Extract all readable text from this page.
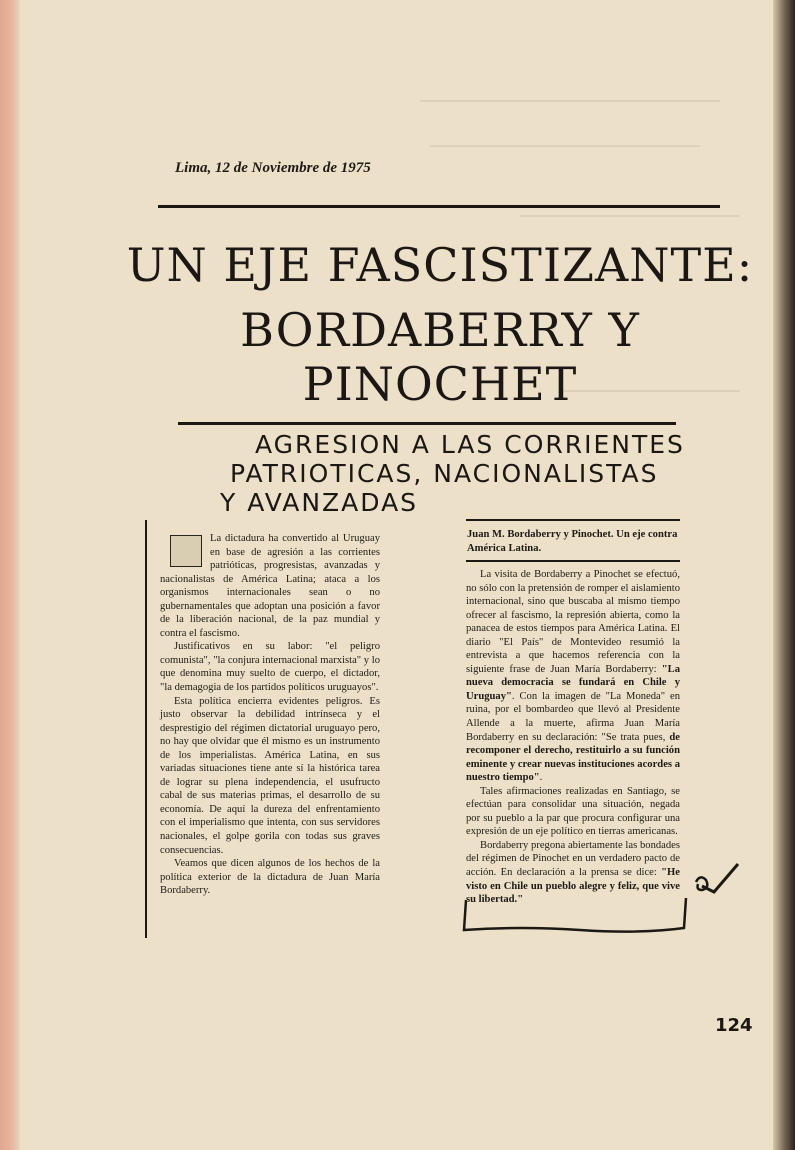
Lima, 12 de Noviembre de 1975
UN EJE FASCISTIZANTE:
BORDABERRY Y PINOCHET
AGRESION A LAS CORRIENTES
PATRIOTICAS, NACIONALISTAS
Y AVANZADAS

La dictadura ha convertido al Uruguay en base de agresión a las corrientes patrióticas, progresistas, avanzadas y nacionalistas de América Latina; ataca a los organismos internacionales sean o no gubernamentales que adoptan una posición a favor de la liberación nacional, de la paz mundial y contra el fascismo.

Justificativos en su labor: "el peligro comunista", "la conjura internacional marxista" y lo que denomina muy suelto de cuerpo, el dictador, "la demagogia de los partidos políticos uruguayos".

Esta política encierra evidentes peligros. Es justo observar la debilidad intrínseca y el desprestigio del régimen dictatorial uruguayo pero, no hay que olvidar que él mismo es un instrumento de los imperialistas. América Latina, en sus variadas situaciones tiene ante sí la histórica tarea de lograr su plena independencia, el usufructo cabal de sus materias primas, el desarrollo de su economía. De aquí la dureza del enfrentamiento con el imperialismo que intenta, con sus servidores nacionales, el golpe gorila con todas sus graves consecuencias.

Veamos que dicen algunos de los hechos de la política exterior de la dictadura de Juan María Bordaberry.

Juan M. Bordaberry y Pinochet. Un eje contra América Latina.

La visita de Bordaberry a Pinochet se efectuó, no sólo con la pretensión de romper el aislamiento internacional, sino que buscaba al mismo tiempo ofrecer al fascismo, la represión abierta, como la panacea de estos tiempos para América Latina. El diario "El País" de Montevideo resumió la entrevista a que hacemos referencia con la siguiente frase de Juan María Bordaberry: "La nueva democracia se fundará en Chile y Uruguay". Con la imagen de "La Moneda" en ruina, por el bombardeo que llevó al Presidente Allende a la muerte, afirma Juan María Bordaberry en su declaración: "Se trata pues, de recomponer el derecho, restituirlo a su función eminente y crear nuevas instituciones acordes a nuestro tiempo".

Tales afirmaciones realizadas en Santiago, se efectúan para consolidar una situación, negada por su pueblo a la par que procura configurar una expresión de un eje político en tierras americanas.

Bordaberry pregona abiertamente las bondades del régimen de Pinochet en un verdadero pacto de acción. En declaración a la prensa se dice: "He visto en Chile un pueblo alegre y feliz, que vive su libertad."

124
